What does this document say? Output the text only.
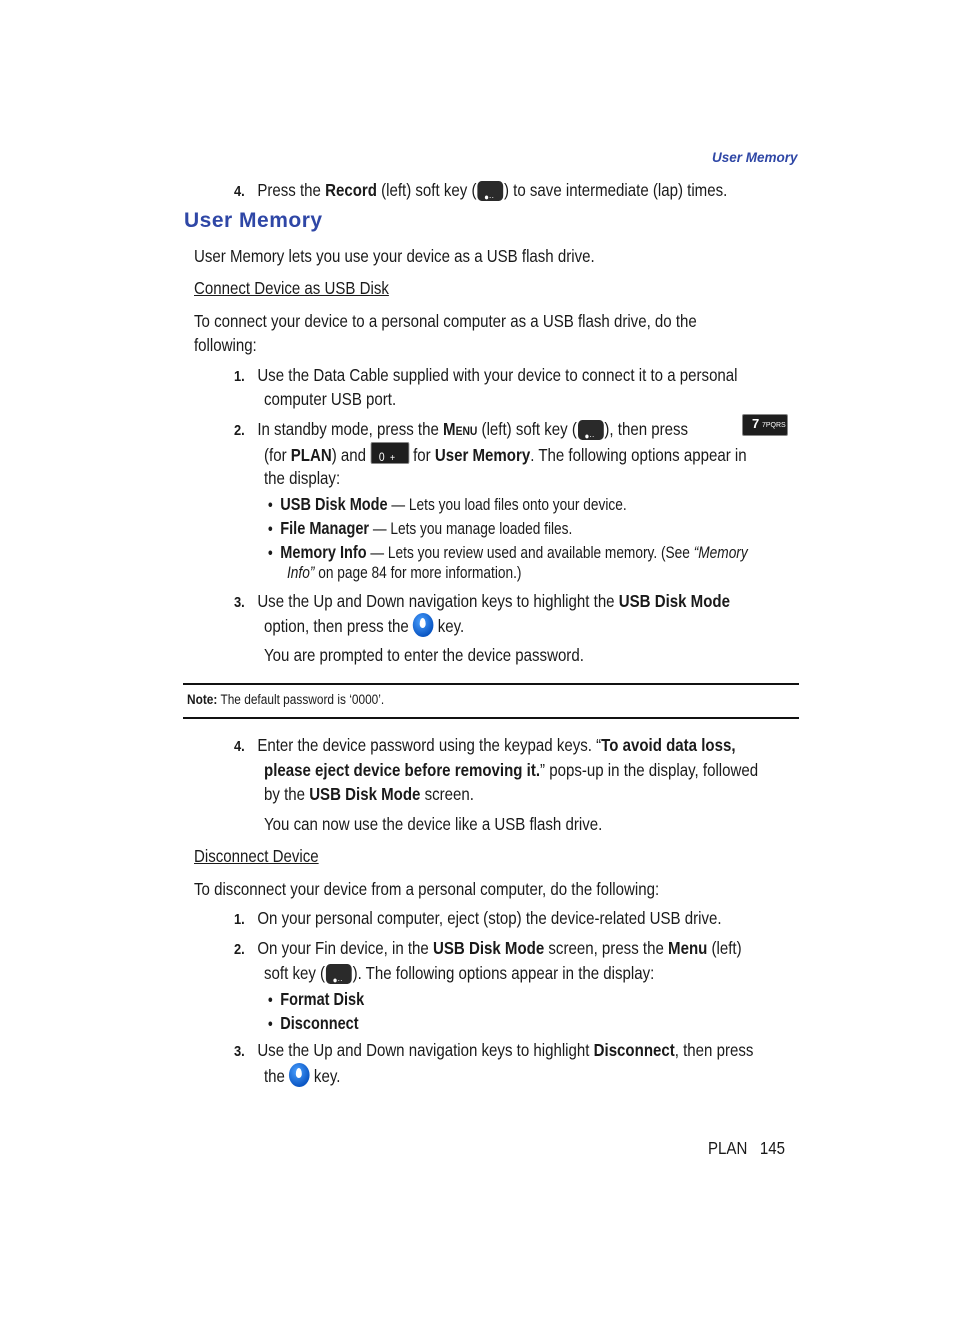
User Memory
4. Press the Record (left) soft key ( ●·· ) to save intermediate (lap) times.
User Memory
User Memory lets you use your device as a USB flash drive.
Connect Device as USB Disk
To connect your device to a personal computer as a USB flash drive, do the
following:
1. Use the Data Cable supplied with your device to connect it to a personal
computer USB port.
2. In standby mode, press the Menu (left) soft key ( ●·· ), then press	7 7PQRS
(for PLAN) and 0 + for User Memory. The following options appear in
the display:
• USB Disk Mode — Lets you load files onto your device.
• File Manager — Lets you manage loaded files.
• Memory Info — Lets you review used and available memory. (See “Memory
Info” on page 84 for more information.)
3. Use the Up and Down navigation keys to highlight the USB Disk Mode
option, then press the  key.
You are prompted to enter the device password.
Note: The default password is ‘0000’.
4. Enter the device password using the keypad keys. “To avoid data loss,
please eject device before removing it.” pops-up in the display, followed
by the USB Disk Mode screen.
You can now use the device like a USB flash drive.
Disconnect Device
To disconnect your device from a personal computer, do the following:
1. On your personal computer, eject (stop) the device-related USB drive.
2. On your Fin device, in the USB Disk Mode screen, press the Menu (left)
soft key ( ●·· ). The following options appear in the display:
• Format Disk
• Disconnect
3. Use the Up and Down navigation keys to highlight Disconnect, then press
the  key.
PLAN 145
